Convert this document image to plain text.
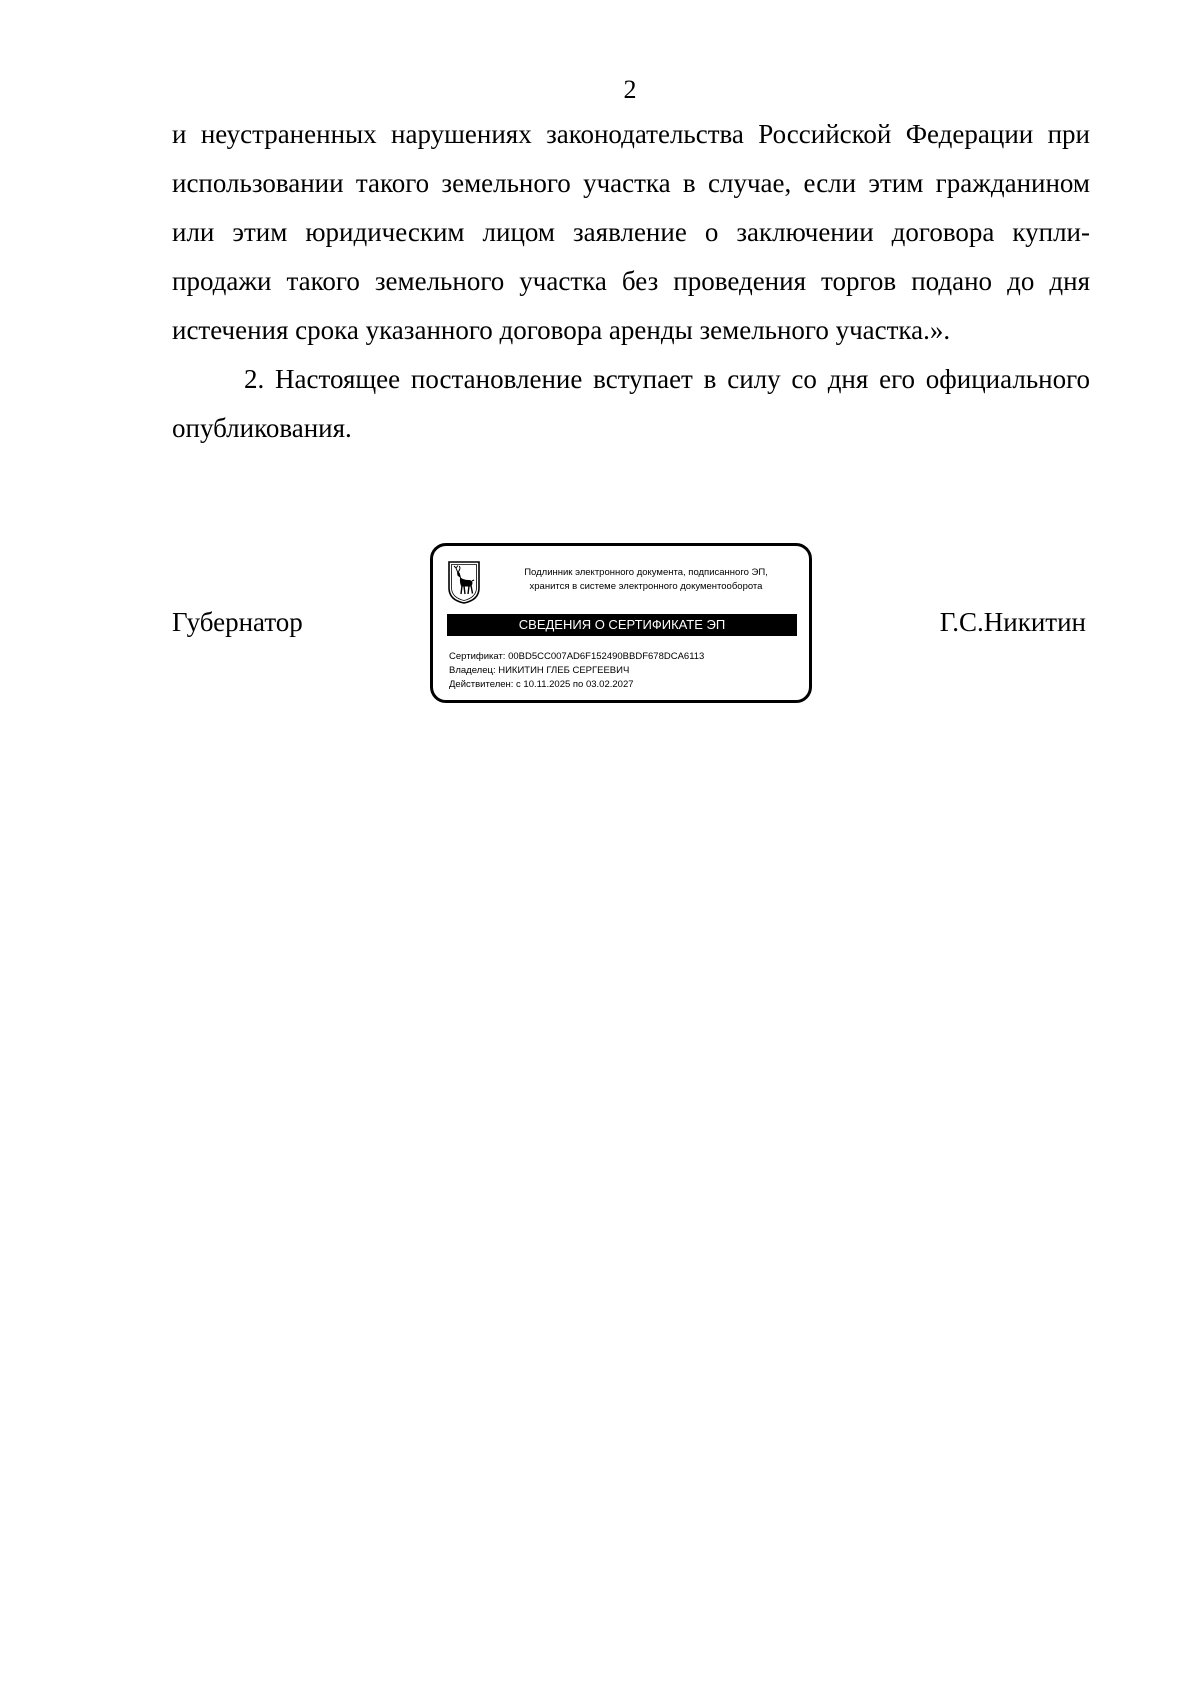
2

и неустраненных нарушениях законодательства Российской Федерации при использовании такого земельного участка в случае, если этим гражданином или этим юридическим лицом заявление о заключении договора купли-продажи такого земельного участка без проведения торгов подано до дня истечения срока указанного договора аренды земельного участка.».

2. Настоящее постановление вступает в силу со дня его официального опубликования.

Губернатор	Г.С.Никитин
Подлинник электронного документа, подписанного ЭП,
хранится в системе электронного документооборота
СВЕДЕНИЯ О СЕРТИФИКАТЕ ЭП
Сертификат: 00BD5CC007AD6F152490BBDF678DCA6113
Владелец: НИКИТИН ГЛЕБ СЕРГЕЕВИЧ
Действителен: с 10.11.2025 по 03.02.2027
